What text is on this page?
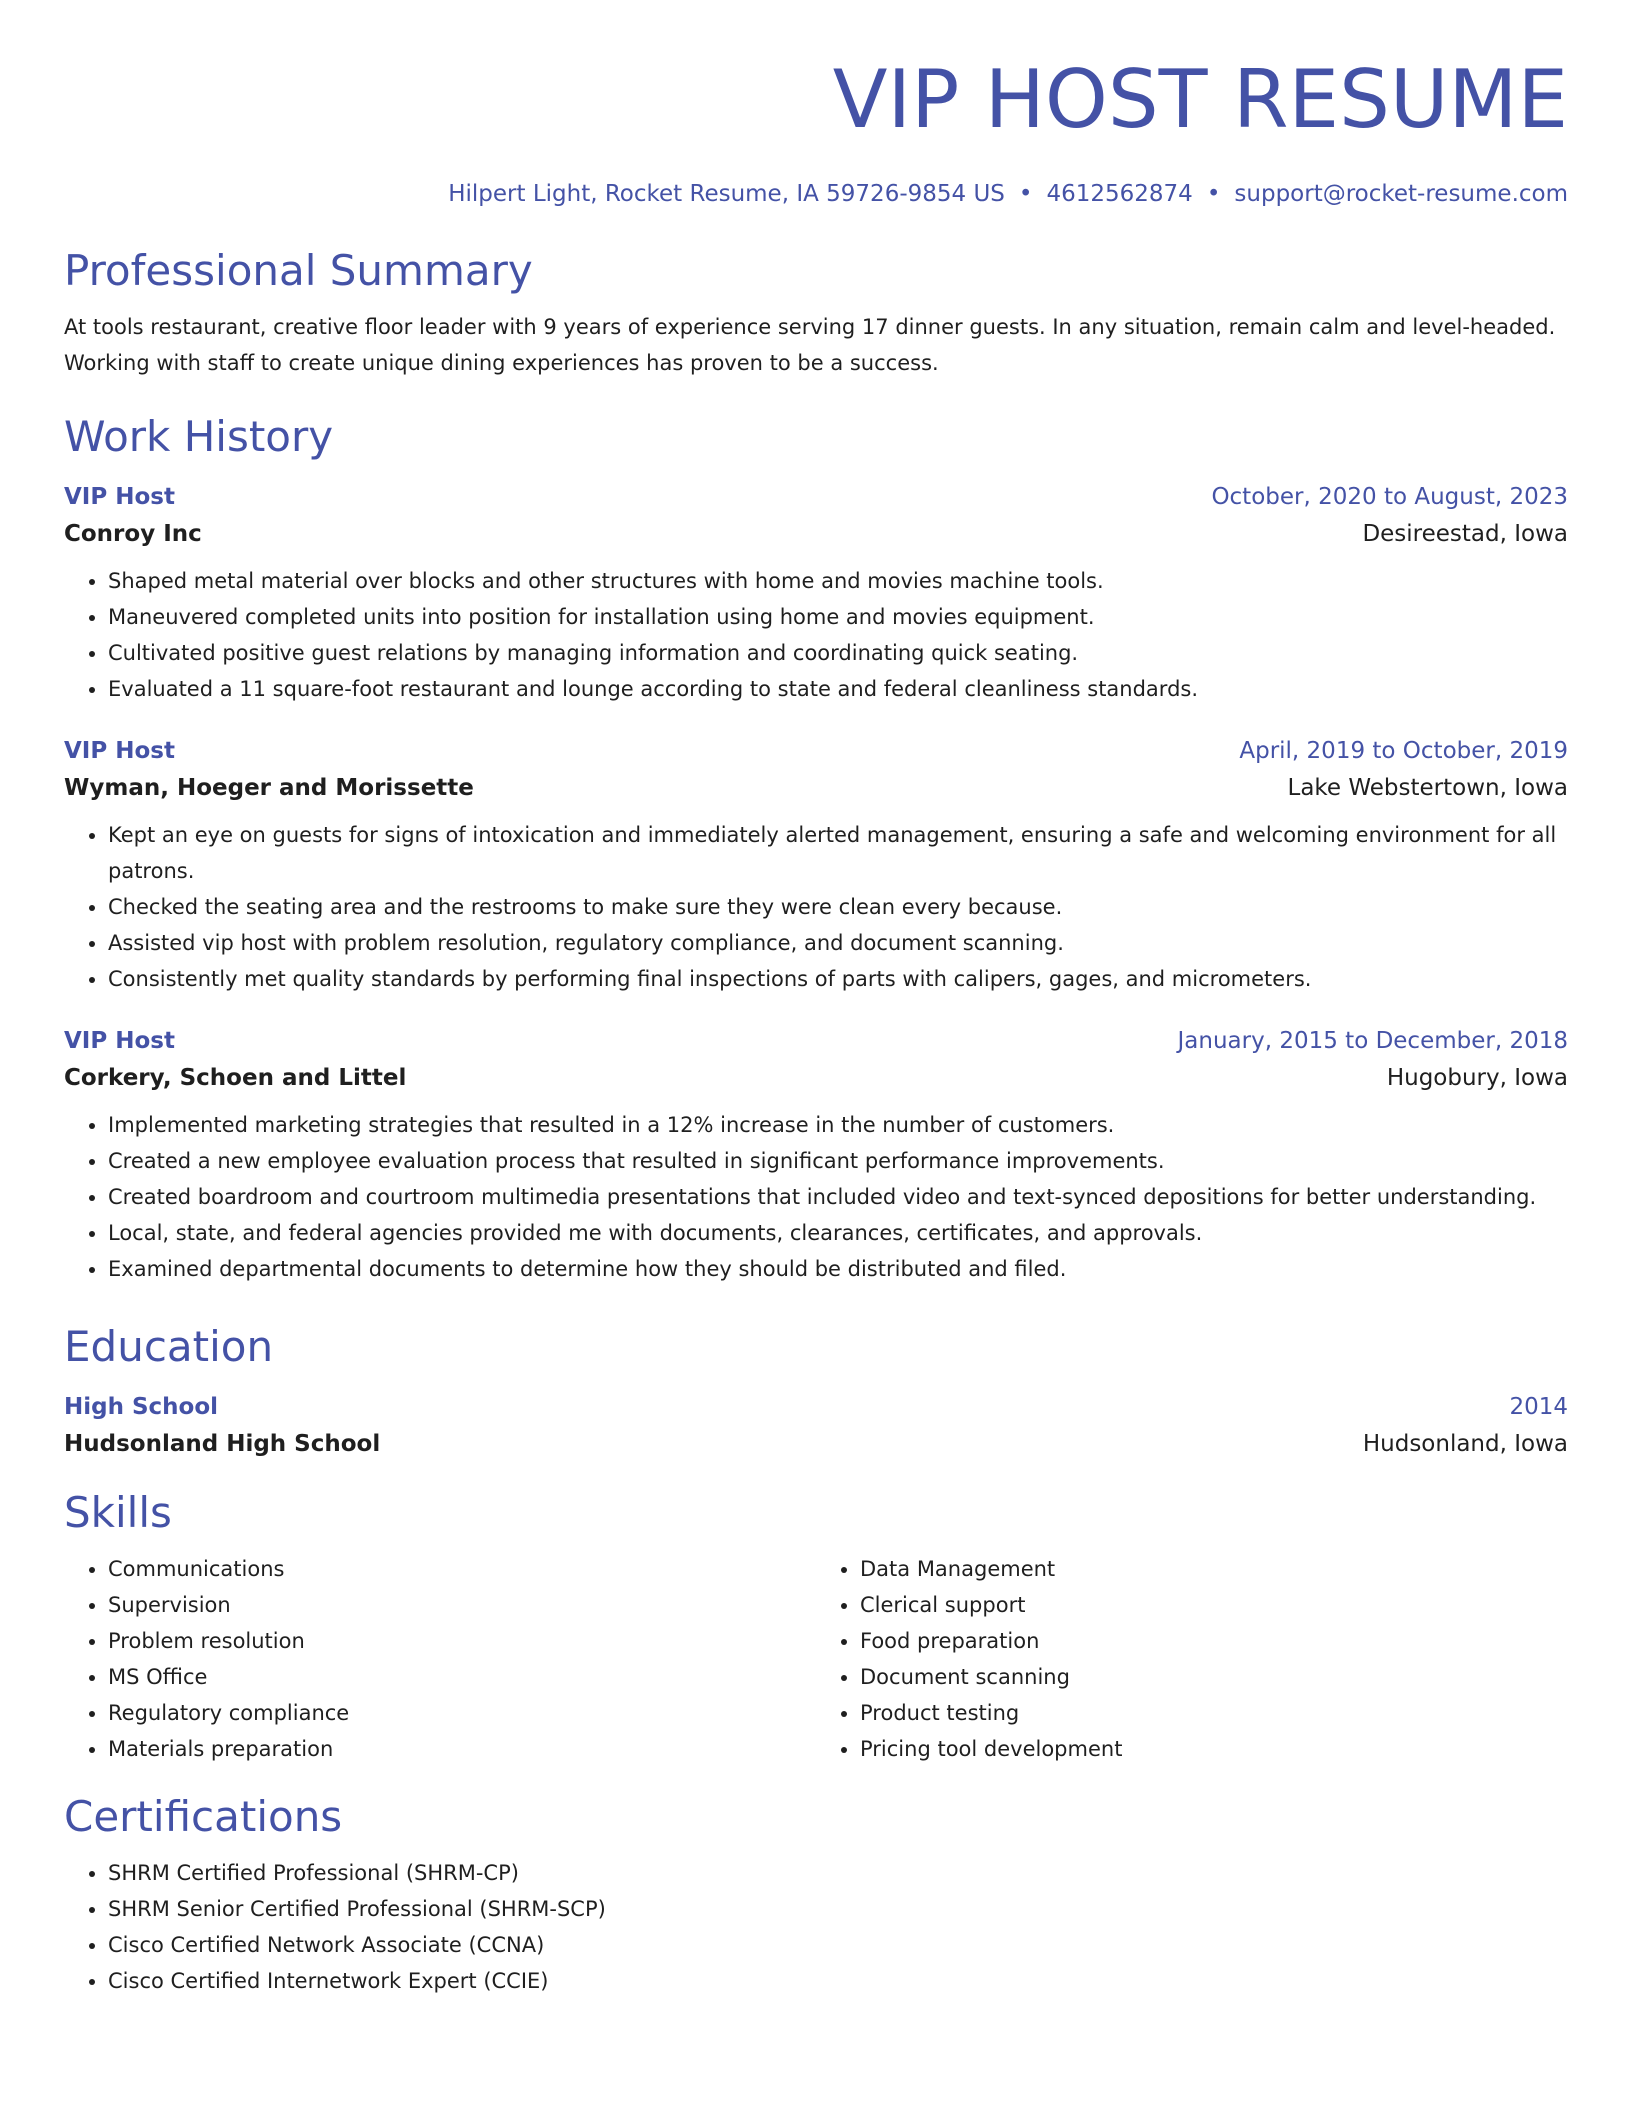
VIP HOST RESUME
Hilpert Light, Rocket Resume, IA 59726-9854 US • 4612562874 • support@rocket-resume.com
Professional Summary
At tools restaurant, creative floor leader with 9 years of experience serving 17 dinner guests. In any situation, remain calm and level-headed. Working with staff to create unique dining experiences has proven to be a success.
Work History
VIP Host	October, 2020 to August, 2023
Conroy Inc	Desireestad, Iowa
• Shaped metal material over blocks and other structures with home and movies machine tools.
• Maneuvered completed units into position for installation using home and movies equipment.
• Cultivated positive guest relations by managing information and coordinating quick seating.
• Evaluated a 11 square-foot restaurant and lounge according to state and federal cleanliness standards.
VIP Host	April, 2019 to October, 2019
Wyman, Hoeger and Morissette	Lake Webstertown, Iowa
• Kept an eye on guests for signs of intoxication and immediately alerted management, ensuring a safe and welcoming environment for all patrons.
• Checked the seating area and the restrooms to make sure they were clean every because.
• Assisted vip host with problem resolution, regulatory compliance, and document scanning.
• Consistently met quality standards by performing final inspections of parts with calipers, gages, and micrometers.
VIP Host	January, 2015 to December, 2018
Corkery, Schoen and Littel	Hugobury, Iowa
• Implemented marketing strategies that resulted in a 12% increase in the number of customers.
• Created a new employee evaluation process that resulted in significant performance improvements.
• Created boardroom and courtroom multimedia presentations that included video and text-synced depositions for better understanding.
• Local, state, and federal agencies provided me with documents, clearances, certificates, and approvals.
• Examined departmental documents to determine how they should be distributed and filed.
Education
High School	2014
Hudsonland High School	Hudsonland, Iowa
Skills
• Communications
• Supervision
• Problem resolution
• MS Office
• Regulatory compliance
• Materials preparation
• Data Management
• Clerical support
• Food preparation
• Document scanning
• Product testing
• Pricing tool development
Certifications
• SHRM Certified Professional (SHRM-CP)
• SHRM Senior Certified Professional (SHRM-SCP)
• Cisco Certified Network Associate (CCNA)
• Cisco Certified Internetwork Expert (CCIE)
